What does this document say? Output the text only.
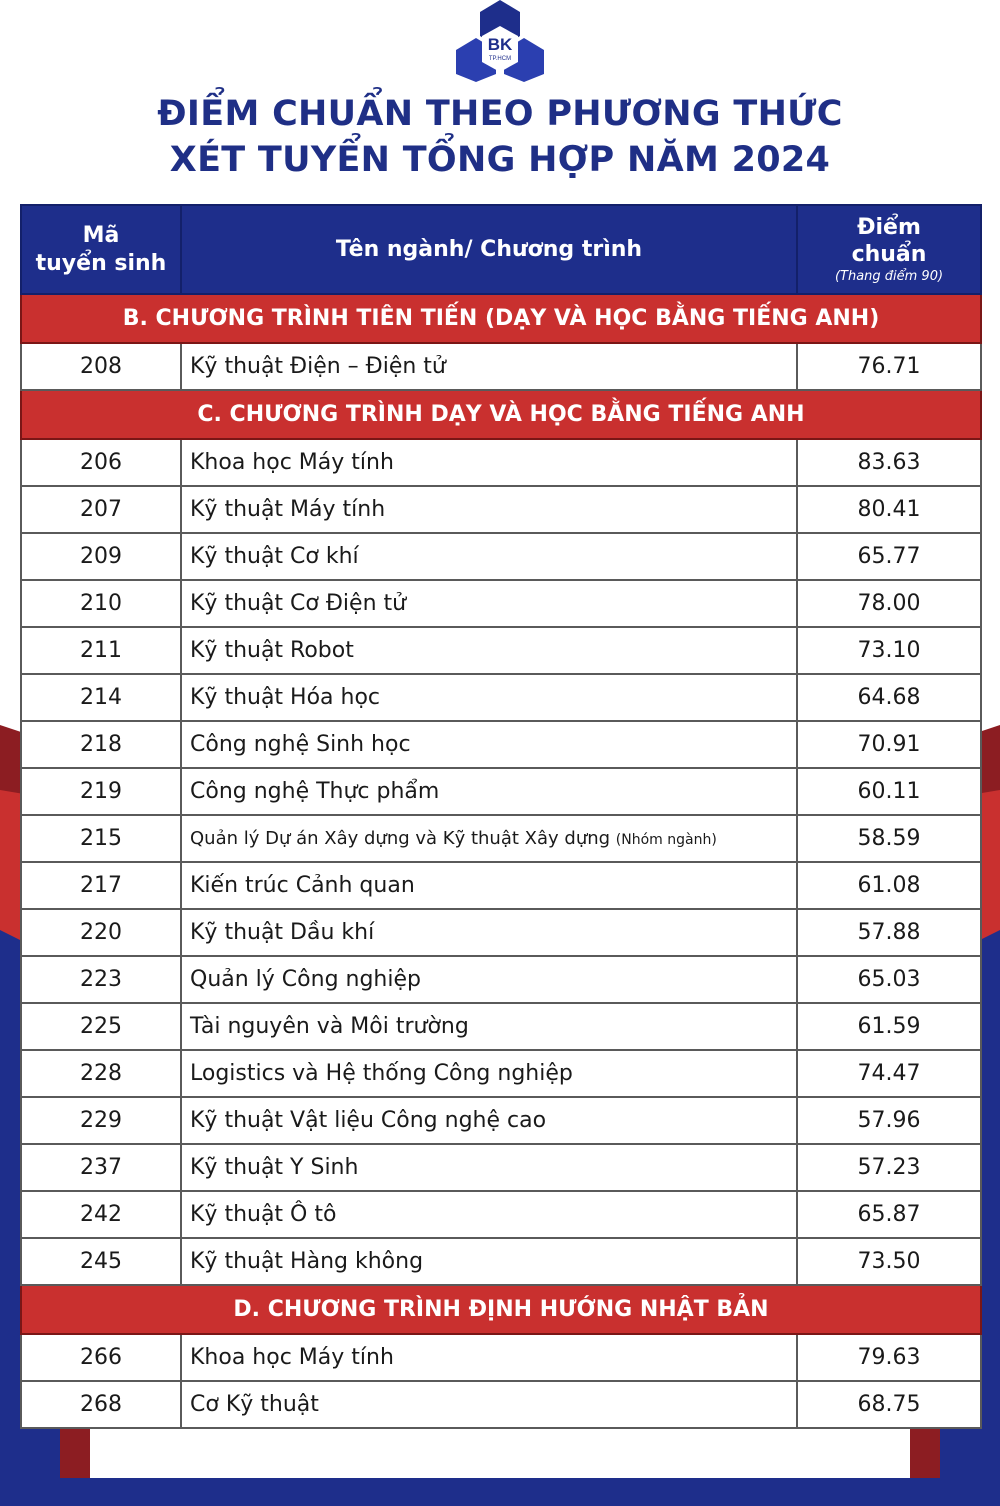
BK
TP.HCM
ĐIỂM CHUẨN THEO PHƯƠNG THỨC
XÉT TUYỂN TỔNG HỢP NĂM 2024
Mã
tuyển sinh	Tên ngành/ Chương trình	Điểm
chuẩn
(Thang điểm 90)

B. CHƯƠNG TRÌNH TIÊN TIẾN (DẠY VÀ HỌC BẰNG TIẾNG ANH)		
208	Kỹ thuật Điện – Điện tử	76.71
C. CHƯƠNG TRÌNH DẠY VÀ HỌC BẰNG TIẾNG ANH		
206	Khoa học Máy tính	83.63
207	Kỹ thuật Máy tính	80.41
209	Kỹ thuật Cơ khí	65.77
210	Kỹ thuật Cơ Điện tử	78.00
211	Kỹ thuật Robot	73.10
214	Kỹ thuật Hóa học	64.68
218	Công nghệ Sinh học	70.91
219	Công nghệ Thực phẩm	60.11
215	Quản lý Dự án Xây dựng và Kỹ thuật Xây dựng (Nhóm ngành)	58.59
217	Kiến trúc Cảnh quan	61.08
220	Kỹ thuật Dầu khí	57.88
223	Quản lý Công nghiệp	65.03
225	Tài nguyên và Môi trường	61.59
228	Logistics và Hệ thống Công nghiệp	74.47
229	Kỹ thuật Vật liệu Công nghệ cao	57.96
237	Kỹ thuật Y Sinh	57.23
242	Kỹ thuật Ô tô	65.87
245	Kỹ thuật Hàng không	73.50
D. CHƯƠNG TRÌNH ĐỊNH HƯỚNG NHẬT BẢN		
266	Khoa học Máy tính	79.63
268	Cơ Kỹ thuật	68.75
